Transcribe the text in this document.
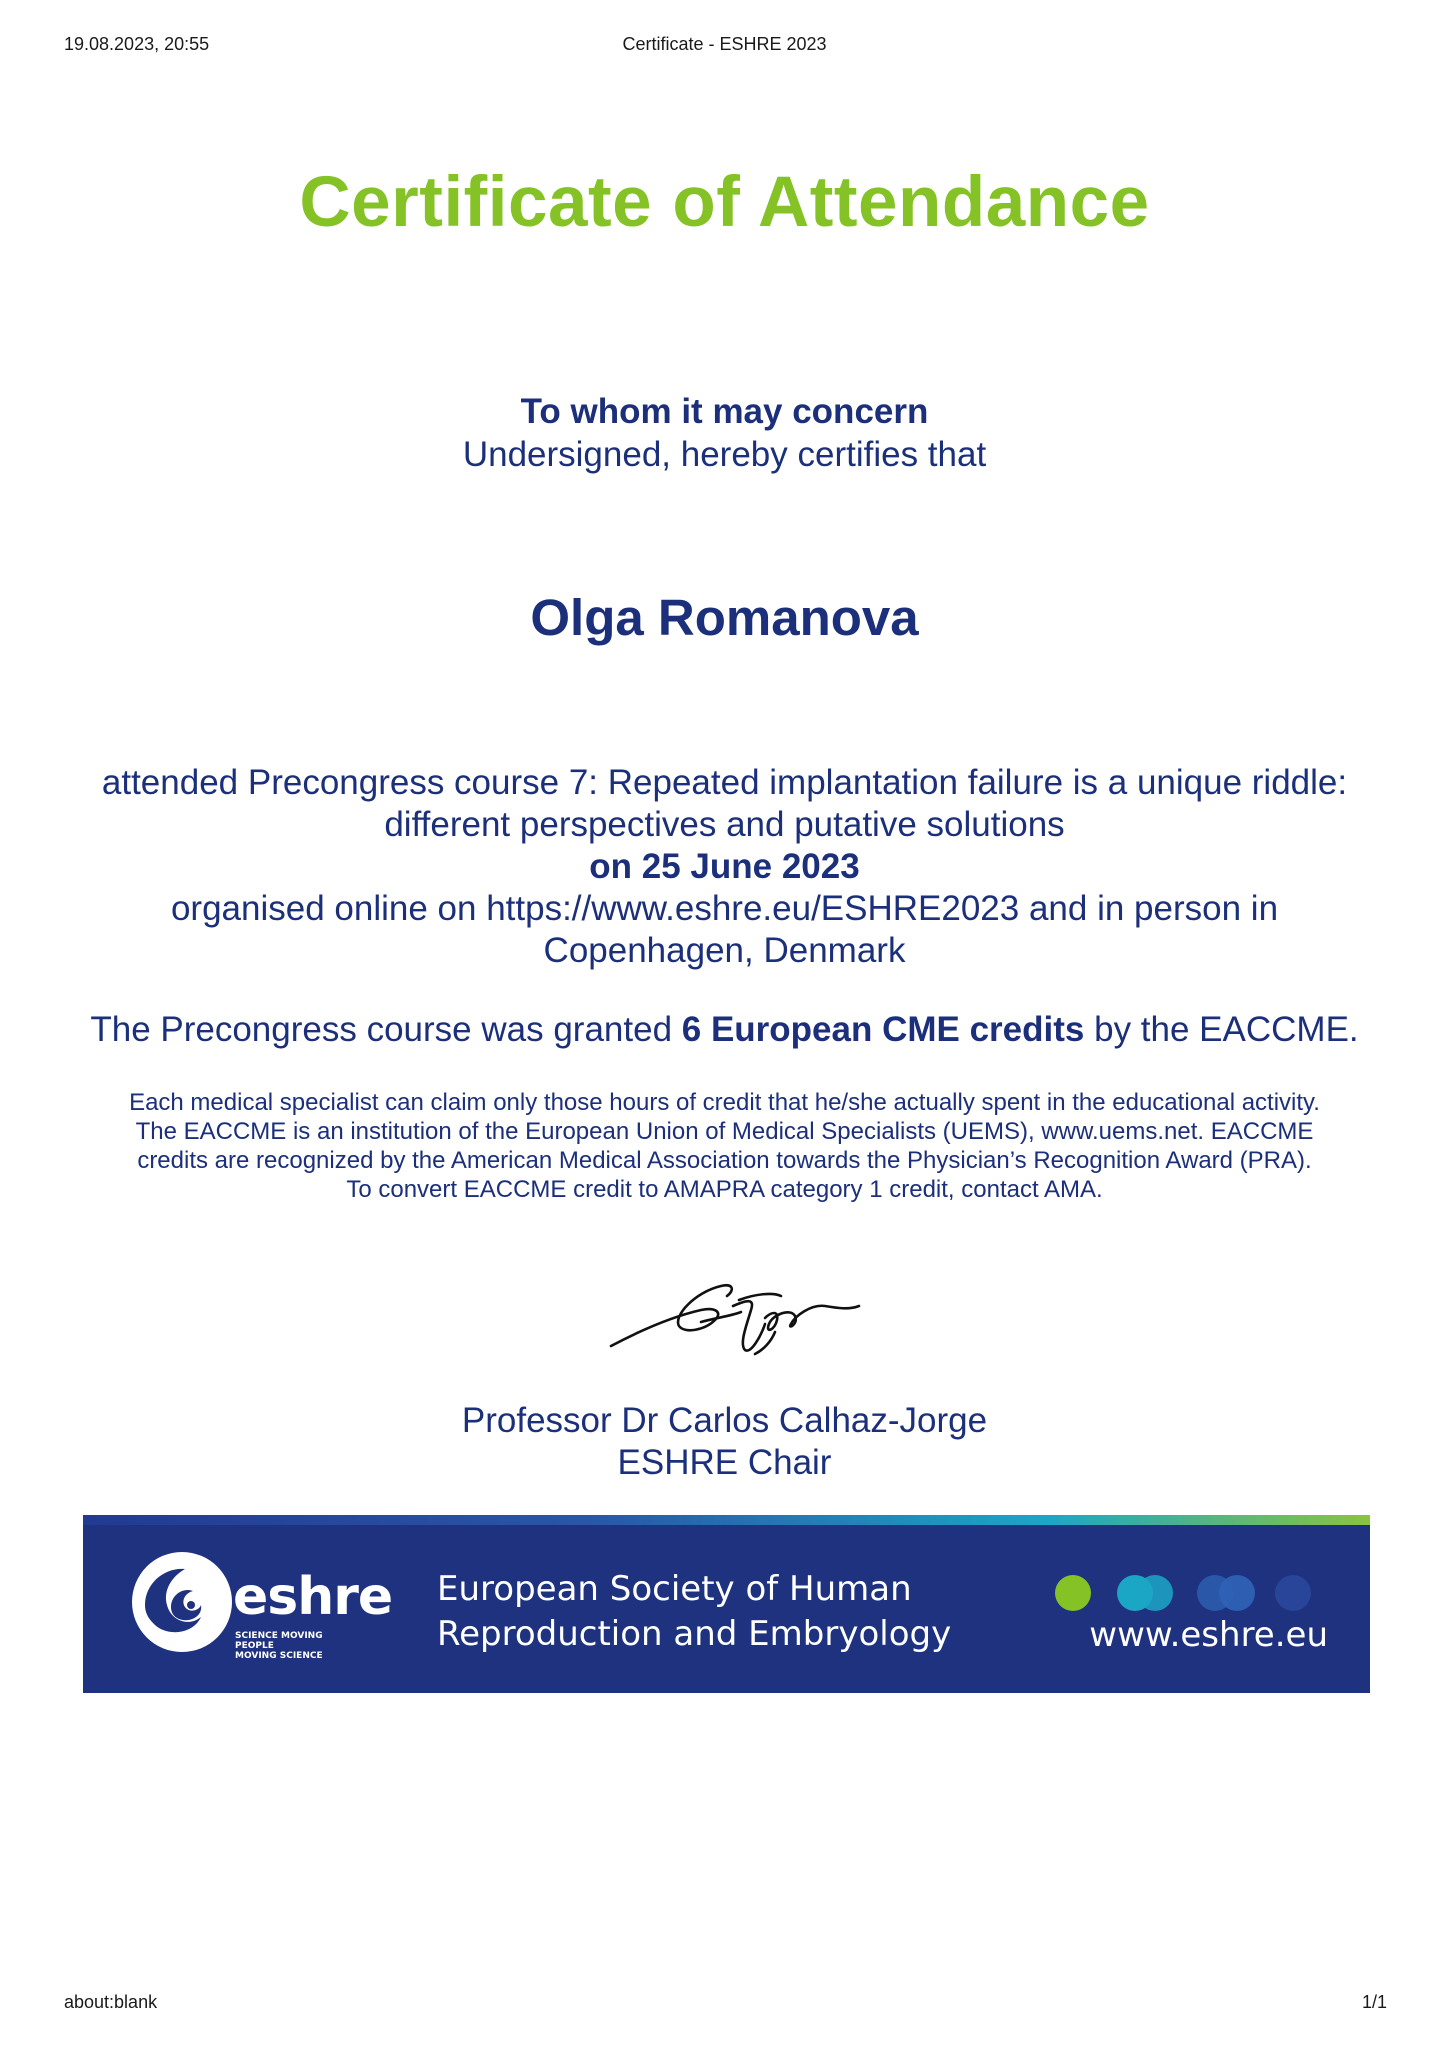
19.08.2023, 20:55	Certificate - ESHRE 2023
Certificate of Attendance
To whom it may concern
Undersigned, hereby certifies that
Olga Romanova
attended Precongress course 7: Repeated implantation failure is a unique riddle:
different perspectives and putative solutions
on 25 June 2023
organised online on https://www.eshre.eu/ESHRE2023 and in person in
Copenhagen, Denmark
The Precongress course was granted 6 European CME credits by the EACCME.
Each medical specialist can claim only those hours of credit that he/she actually spent in the educational activity.
The EACCME is an institution of the European Union of Medical Specialists (UEMS), www.uems.net. EACCME
credits are recognized by the American Medical Association towards the Physician’s Recognition Award (PRA).
To convert EACCME credit to AMAPRA category 1 credit, contact AMA.
Professor Dr Carlos Calhaz-Jorge
ESHRE Chair
eshre
SCIENCE MOVING
PEOPLE
MOVING SCIENCE
European Society of Human
Reproduction and Embryology	www.eshre.eu
about:blank	1/1
